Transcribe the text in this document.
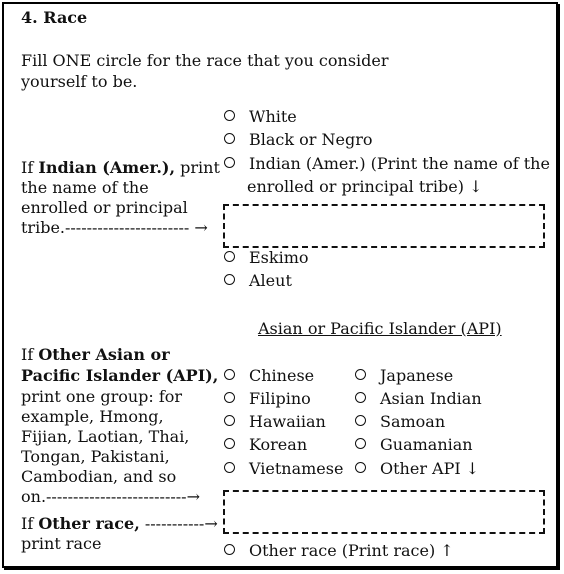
4. Race
Fill ONE circle for the race that you consider
yourself to be.
White
Black or Negro
Indian (Amer.) (Print the name of the
enrolled or principal tribe) ↓
If Indian (Amer.), print
the name of the
enrolled or principal
tribe.----------------------- →
Eskimo
Aleut
Asian or Pacific Islander (API)
If Other Asian or
Pacific Islander (API),
print one group: for
example, Hmong,
Fijian, Laotian, Thai,
Tongan, Pakistani,
Cambodian, and so
on.--------------------------→
Chinese
Filipino
Hawaiian
Korean
Vietnamese
Japanese
Asian Indian
Samoan
Guamanian
Other API ↓
If Other race, -----------→
print race	Other race (Print race) ↑
